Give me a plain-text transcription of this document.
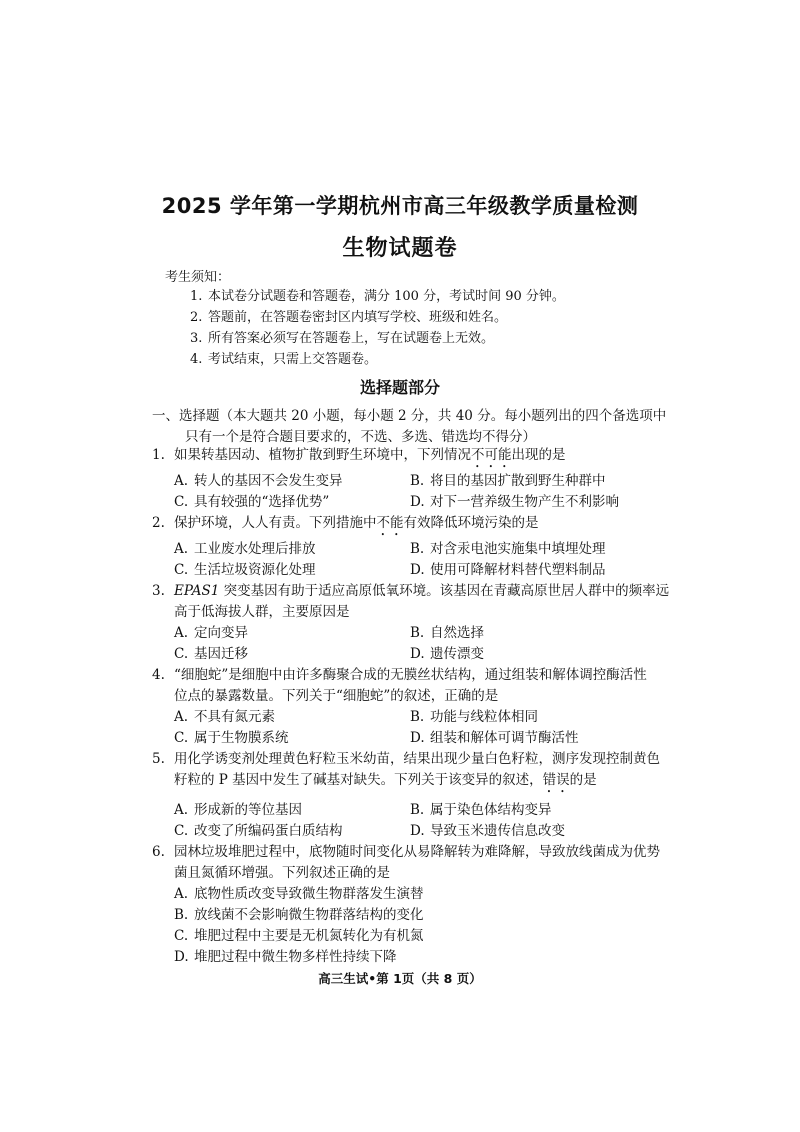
2025 学年第一学期杭州市高三年级教学质量检测
生物试题卷
考生须知：
1. 本试卷分试题卷和答题卷，满分 100 分，考试时间 90 分钟。
2. 答题前，在答题卷密封区内填写学校、班级和姓名。
3. 所有答案必须写在答题卷上，写在试题卷上无效。
4. 考试结束，只需上交答题卷。
选择题部分
一、选择题（本大题共 20 小题，每小题 2 分，共 40 分。每小题列出的四个备选项中
只有一个是符合题目要求的，不选、多选、错选均不得分）
1. 如果转基因动、植物扩散到野生环境中，下列情况不可能出现的是
A. 转人的基因不会发生变异	B. 将目的基因扩散到野生种群中
C. 具有较强的“选择优势”	D. 对下一营养级生物产生不利影响
2. 保护环境，人人有责。下列措施中不能有效降低环境污染的是
A. 工业废水处理后排放	B. 对含汞电池实施集中填埋处理
C. 生活垃圾资源化处理	D. 使用可降解材料替代塑料制品
3. EPAS1 突变基因有助于适应高原低氧环境。该基因在青藏高原世居人群中的频率远
高于低海拔人群，主要原因是
A. 定向变异	B. 自然选择
C. 基因迁移	D. 遗传漂变
4. “细胞蛇”是细胞中由许多酶聚合成的无膜丝状结构，通过组装和解体调控酶活性
位点的暴露数量。下列关于“细胞蛇”的叙述，正确的是
A. 不具有氮元素	B. 功能与线粒体相同
C. 属于生物膜系统	D. 组装和解体可调节酶活性
5. 用化学诱变剂处理黄色籽粒玉米幼苗，结果出现少量白色籽粒，测序发现控制黄色
籽粒的 P 基因中发生了碱基对缺失。下列关于该变异的叙述，错误的是
A. 形成新的等位基因	B. 属于染色体结构变异
C. 改变了所编码蛋白质结构	D. 导致玉米遗传信息改变
6. 园林垃圾堆肥过程中，底物随时间变化从易降解转为难降解，导致放线菌成为优势
菌且氮循环增强。下列叙述正确的是
A. 底物性质改变导致微生物群落发生演替
B. 放线菌不会影响微生物群落结构的变化
C. 堆肥过程中主要是无机氮转化为有机氮
D. 堆肥过程中微生物多样性持续下降
高三生试•第 1页（共 8 页）
